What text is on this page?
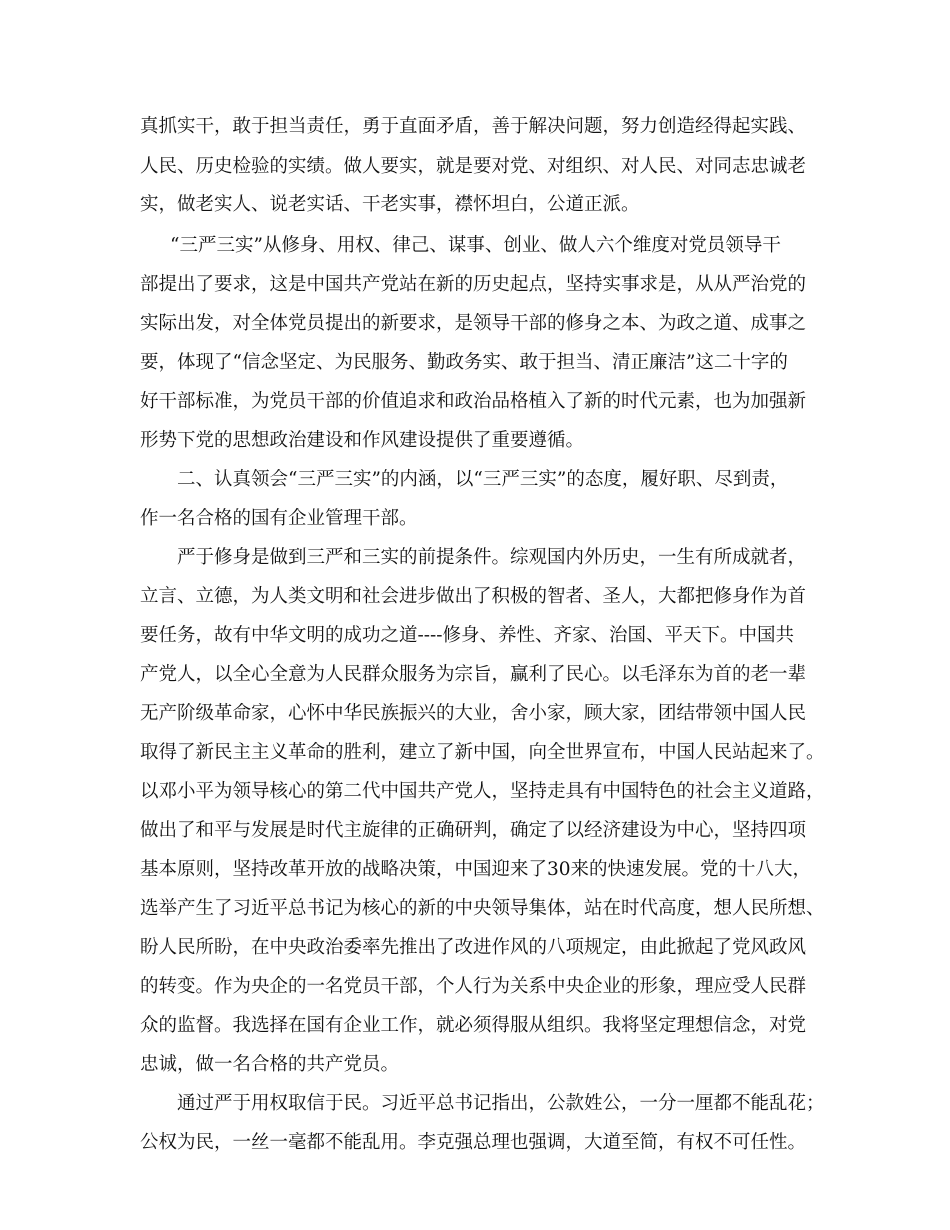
真抓实干，敢于担当责任，勇于直面矛盾，善于解决问题，努力创造经得起实践、
人民、历史检验的实绩。做人要实，就是要对党、对组织、对人民、对同志忠诚老
实，做老实人、说老实话、干老实事，襟怀坦白，公道正派。
“三严三实”从修身、用权、律己、谋事、创业、做人六个维度对党员领导干
部提出了要求，这是中国共产党站在新的历史起点，坚持实事求是，从从严治党的
实际出发，对全体党员提出的新要求，是领导干部的修身之本、为政之道、成事之
要，体现了“信念坚定、为民服务、勤政务实、敢于担当、清正廉洁”这二十字的
好干部标准，为党员干部的价值追求和政治品格植入了新的时代元素，也为加强新
形势下党的思想政治建设和作风建设提供了重要遵循。
二、认真领会“三严三实”的内涵，以“三严三实”的态度，履好职、尽到责，
作一名合格的国有企业管理干部。
严于修身是做到三严和三实的前提条件。综观国内外历史，一生有所成就者，
立言、立德，为人类文明和社会进步做出了积极的智者、圣人，大都把修身作为首
要任务，故有中华文明的成功之道----修身、养性、齐家、治国、平天下。中国共
产党人，以全心全意为人民群众服务为宗旨，赢利了民心。以毛泽东为首的老一辈
无产阶级革命家，心怀中华民族振兴的大业，舍小家，顾大家，团结带领中国人民
取得了新民主主义革命的胜利，建立了新中国，向全世界宣布，中国人民站起来了。
以邓小平为领导核心的第二代中国共产党人，坚持走具有中国特色的社会主义道路，
做出了和平与发展是时代主旋律的正确研判，确定了以经济建设为中心，坚持四项
基本原则，坚持改革开放的战略决策，中国迎来了30来的快速发展。党的十八大，
选举产生了习近平总书记为核心的新的中央领导集体，站在时代高度，想人民所想、
盼人民所盼，在中央政治委率先推出了改进作风的八项规定，由此掀起了党风政风
的转变。作为央企的一名党员干部，个人行为关系中央企业的形象，理应受人民群
众的监督。我选择在国有企业工作，就必须得服从组织。我将坚定理想信念，对党
忠诚，做一名合格的共产党员。
通过严于用权取信于民。习近平总书记指出，公款姓公，一分一厘都不能乱花；
公权为民，一丝一毫都不能乱用。李克强总理也强调，大道至简，有权不可任性。
